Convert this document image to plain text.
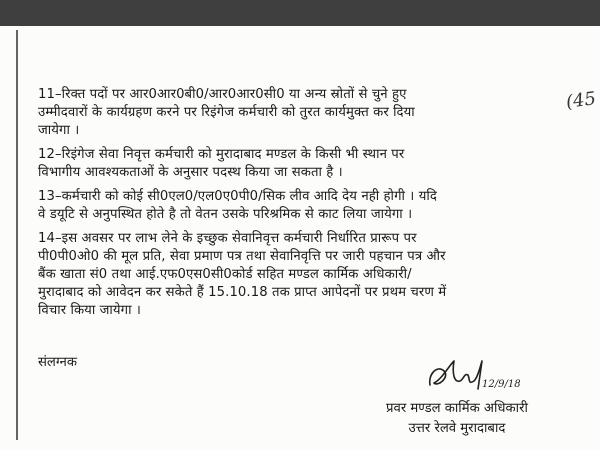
(45
11–रिक्त पदों पर आर0आर0बी0/आर0आर0सी0 या अन्य स्रोतों से चुने हुए
उम्मीदवारों के कार्यग्रहण करने पर रिइंगेज कर्मचारी को तुरत कार्यमुक्त कर दिया
जायेगा ।
12–रिइंगेज सेवा निवृत्त कर्मचारी को मुरादाबाद मण्डल के किसी भी स्थान पर
विभागीय आवश्यकताओं के अनुसार पदस्थ किया जा सकता है ।
13–कर्मचारी को कोई सी0एल0/एल0ए0पी0/सिक लीव आदि देय नही होगी । यदि
वे डयूटि से अनुपस्थित होते है तो वेतन उसके परिश्रमिक से काट लिया जायेगा ।
14–इस अवसर पर लाभ लेने के इच्छुक सेवानिवृत्त कर्मचारी निर्धारित प्रारूप पर
पी0पी0ओ0 की मूल प्रति, सेवा प्रमाण पत्र तथा सेवानिवृत्ति पर जारी पहचान पत्र और
बैंक खाता सं0 तथा आई.एफ0एस0सी0कोर्ड सहित मण्डल कार्मिक अधिकारी/
मुरादाबाद को आवेदन कर सकेते हैं 15.10.18 तक प्राप्त आपेदनों पर प्रथम चरण में
विचार किया जायेगा ।
संलग्नक
12/9/18
प्रवर मण्डल कार्मिक अधिकारी
उत्तर रेलवे मुरादाबाद
